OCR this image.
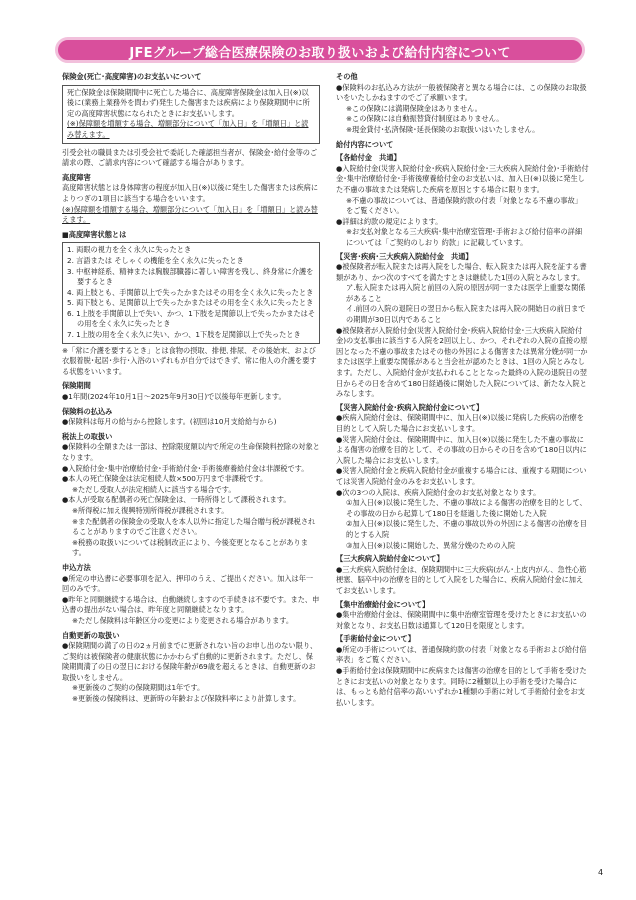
JFEグループ総合医療保険のお取り扱いおよび給付内容について
保険金(死亡･高度障害)のお支払いについて

死亡保険金は保険期間中に死亡した場合に、高度障害保険金は加入日(※)以後に(業務上業務外を問わず)発生した傷害または疾病により保険期間中に所定の高度障害状態になられたときにお支払いします。

(※)保障額を増額する場合、増額部分について「加入日」を「増額日」と読み替えます。

引受会社の職員または引受会社で委託した確認担当者が、保険金･給付金等のご請求の際、ご請求内容について確認する場合があります。

高度障害

高度障害状態とは身体障害の程度が加入日(※)以後に発生した傷害または疾病によりつぎの1項目に該当する場合をいいます。

(※)保障額を増額する場合、増額部分について「加入日」を「増額日」と読み替えます。

■高度障害状態とは
1. 両眼の視力を全く永久に失ったとき
2. 言語または そしゃくの機能を全く永久に失ったとき
3. 中枢神経系、精神または胸腹部臓器に著しい障害を残し、終身常に介護を要するとき
4. 両上肢とも、手関節以上で失ったかまたはその用を全く永久に失ったとき
5. 両下肢とも、足関節以上で失ったかまたはその用を全く永久に失ったとき
6. 1上肢を手関節以上で失い、かつ、1下肢を足関節以上で失ったかまたはその用を全く永久に失ったとき
7. 1上肢の用を全く永久に失い、かつ、1下肢を足関節以上で失ったとき

※「常に介護を要するとき」とは食物の摂取、排便､排尿、その後始末、および衣服着脱･起居･歩行･入浴のいずれもが自分ではできず、常に他人の介護を要する状態をいいます。

保険期間

●1年間(2024年10月1日～2025年9月30日)で以後毎年更新します。

保険料の払込み

●保険料は毎月の給与から控除します。(初回は10月支給給与から)

税法上の取扱い

●保険料の全額または一部は、控除限度額以内で所定の生命保険料控除の対象となります。

●入院給付金･集中治療給付金･手術給付金･手術後療養給付金は非課税です。

●本人の死亡保険金は法定相続人数×500万円まで非課税です。

※ただし受取人が法定相続人に該当する場合です。

●本人が受取る配偶者の死亡保険金は、一時所得として課税されます。

※所得税に加え復興特別所得税が課税されます。

※また配偶者の保険金の受取人を本人以外に指定した場合贈与税が課税されることがありますのでご注意ください。

※税務の取扱いについては税制改正により、今後変更となることがあります。

申込方法

●所定の申込書に必要事項を記入、押印のうえ、ご提出ください。加入は年一回のみです。

●昨年と同額継続する場合は、自動継続しますので手続きは不要です。また、申込書の提出がない場合は、昨年度と同額継続となります。

※ただし保険料は年齢区分の変更により変更される場合があります。

自動更新の取扱い

●保険期間の満了の日の2ヵ月前までに更新されない旨のお申し出のない限り、ご契約は被保険者の健康状態にかかわらず自動的に更新されます。ただし、保険期間満了の日の翌日における保険年齢が69歳を超えるときは、自動更新のお取扱いをしません。

※更新後のご契約の保険期間は1年です。

※更新後の保険料は、更新時の年齢および保険料率により計算します。

その他

●保険料のお払込み方法が一般被保険者と異なる場合には、この保険のお取扱いをいたしかねますのでご了承願います。

※この保険には満期保険金はありません。

※この保険には自動振替貸付制度はありません。

※現金貸付･払済保険･延長保険のお取扱いはいたしません。

給付内容について
【各給付金　共通】

●入院給付金(災害入院給付金･疾病入院給付金･三大疾病入院給付金)･手術給付金･集中治療給付金･手術後療養給付金のお支払いは、加入日(※)以後に発生した不慮の事故または発病した疾病を原因とする場合に限ります。

※不慮の事故については、普通保険約款の付表「対象となる不慮の事故」をご覧ください。

●詳細は約款の規定によります。

※お支払対象となる三大疾病･集中治療室管理･手術および給付倍率の詳細については「ご契約のしおり 約款」に記載しています。

【災害･疾病･三大疾病入院給付金　共通】

●被保険者が転入院または再入院をした場合、転入院または再入院を証する書類があり、かつ次のすべてを満たすときは継続した1回の入院とみなします。

ア.転入院または再入院と前回の入院の原因が同一または医学上重要な関係があること

イ.前回の入院の退院日の翌日から転入院または再入院の開始日の前日までの期間が30日以内であること

●被保険者が入院給付金(災害入院給付金･疾病入院給付金･三大疾病入院給付金)の支払事由に該当する入院を2回以上し、かつ、それぞれの入院の直接の原因となった不慮の事故またはその他の外因による傷害または異常分娩が同一かまたは医学上重要な関係があると当会社が認めたときは、1回の入院とみなします。ただし、入院給付金が支払われることとなった最終の入院の退院日の翌日からその日を含めて180日経過後に開始した入院については、新たな入院とみなします。

【災害入院給付金･疾病入院給付金について】

●疾病入院給付金は、保険期間中に、加入日(※)以後に発病した疾病の治療を目的として入院した場合にお支払いします。

●災害入院給付金は、保険期間中に、加入日(※)以後に発生した不慮の事故による傷害の治療を目的として、その事故の日からその日を含めて180日以内に入院した場合にお支払いします。

●災害入院給付金と疾病入院給付金が重複する場合には、重複する期間については災害入院給付金のみをお支払いします。

●次の3つの入院は、疾病入院給付金のお支払対象となります。

①加入日(※)以後に発生した、不慮の事故による傷害の治療を目的として、その事故の日から起算して180日を経過した後に開始した入院

②加入日(※)以後に発生した、不慮の事故以外の外因による傷害の治療を目的とする入院

③加入日(※)以後に開始した、異常分娩のための入院

【三大疾病入院給付金について】

●三大疾病入院給付金は、保険期間中に三大疾病(がん･上皮内がん、急性心筋梗塞、脳卒中)の治療を目的として入院をした場合に、疾病入院給付金に加えてお支払いします。

【集中治療給付金について】

●集中治療給付金は、保険期間中に集中治療室管理を受けたときにお支払いの対象となり、お支払日数は通算して120日を限度とします。

【手術給付金について】

●所定の手術については、普通保険約款の付表「対象となる手術および給付倍率表」をご覧ください。

●手術給付金は保険期間中に疾病または傷害の治療を目的として手術を受けたときにお支払いの対象となります。同時に2種類以上の手術を受けた場合には、もっとも給付倍率の高いいずれか1種類の手術に対して手術給付金をお支払いします。

4
